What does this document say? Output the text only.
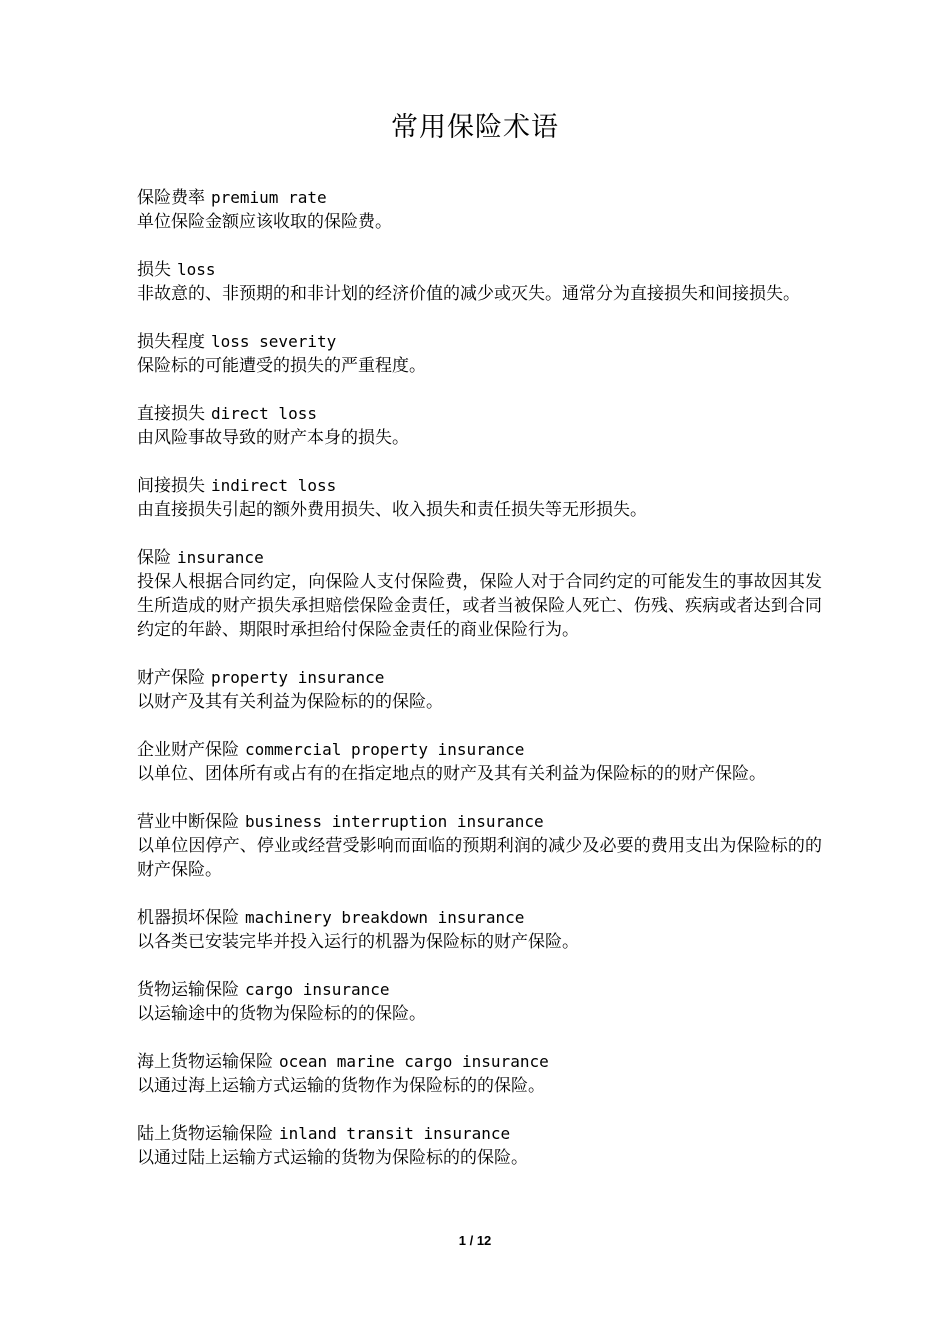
常用保险术语
保险费率 premium rate
单位保险金额应该收取的保险费。
损失 loss
非故意的、非预期的和非计划的经济价值的减少或灭失。通常分为直接损失和间接损失。
损失程度 loss severity
保险标的可能遭受的损失的严重程度。
直接损失 direct loss
由风险事故导致的财产本身的损失。
间接损失 indirect loss
由直接损失引起的额外费用损失、收入损失和责任损失等无形损失。
保险 insurance
投保人根据合同约定，向保险人支付保险费，保险人对于合同约定的可能发生的事故因其发生所造成的财产损失承担赔偿保险金责任，或者当被保险人死亡、伤残、疾病或者达到合同约定的年龄、期限时承担给付保险金责任的商业保险行为。
财产保险 property insurance
以财产及其有关利益为保险标的的保险。
企业财产保险 commercial property insurance
以单位、团体所有或占有的在指定地点的财产及其有关利益为保险标的的财产保险。
营业中断保险 business interruption insurance
以单位因停产、停业或经营受影响而面临的预期利润的减少及必要的费用支出为保险标的的财产保险。
机器损坏保险 machinery breakdown insurance
以各类已安装完毕并投入运行的机器为保险标的财产保险。
货物运输保险 cargo insurance
以运输途中的货物为保险标的的保险。
海上货物运输保险 ocean marine cargo insurance
以通过海上运输方式运输的货物作为保险标的的保险。
陆上货物运输保险 inland transit insurance
以通过陆上运输方式运输的货物为保险标的的保险。
1 / 12
